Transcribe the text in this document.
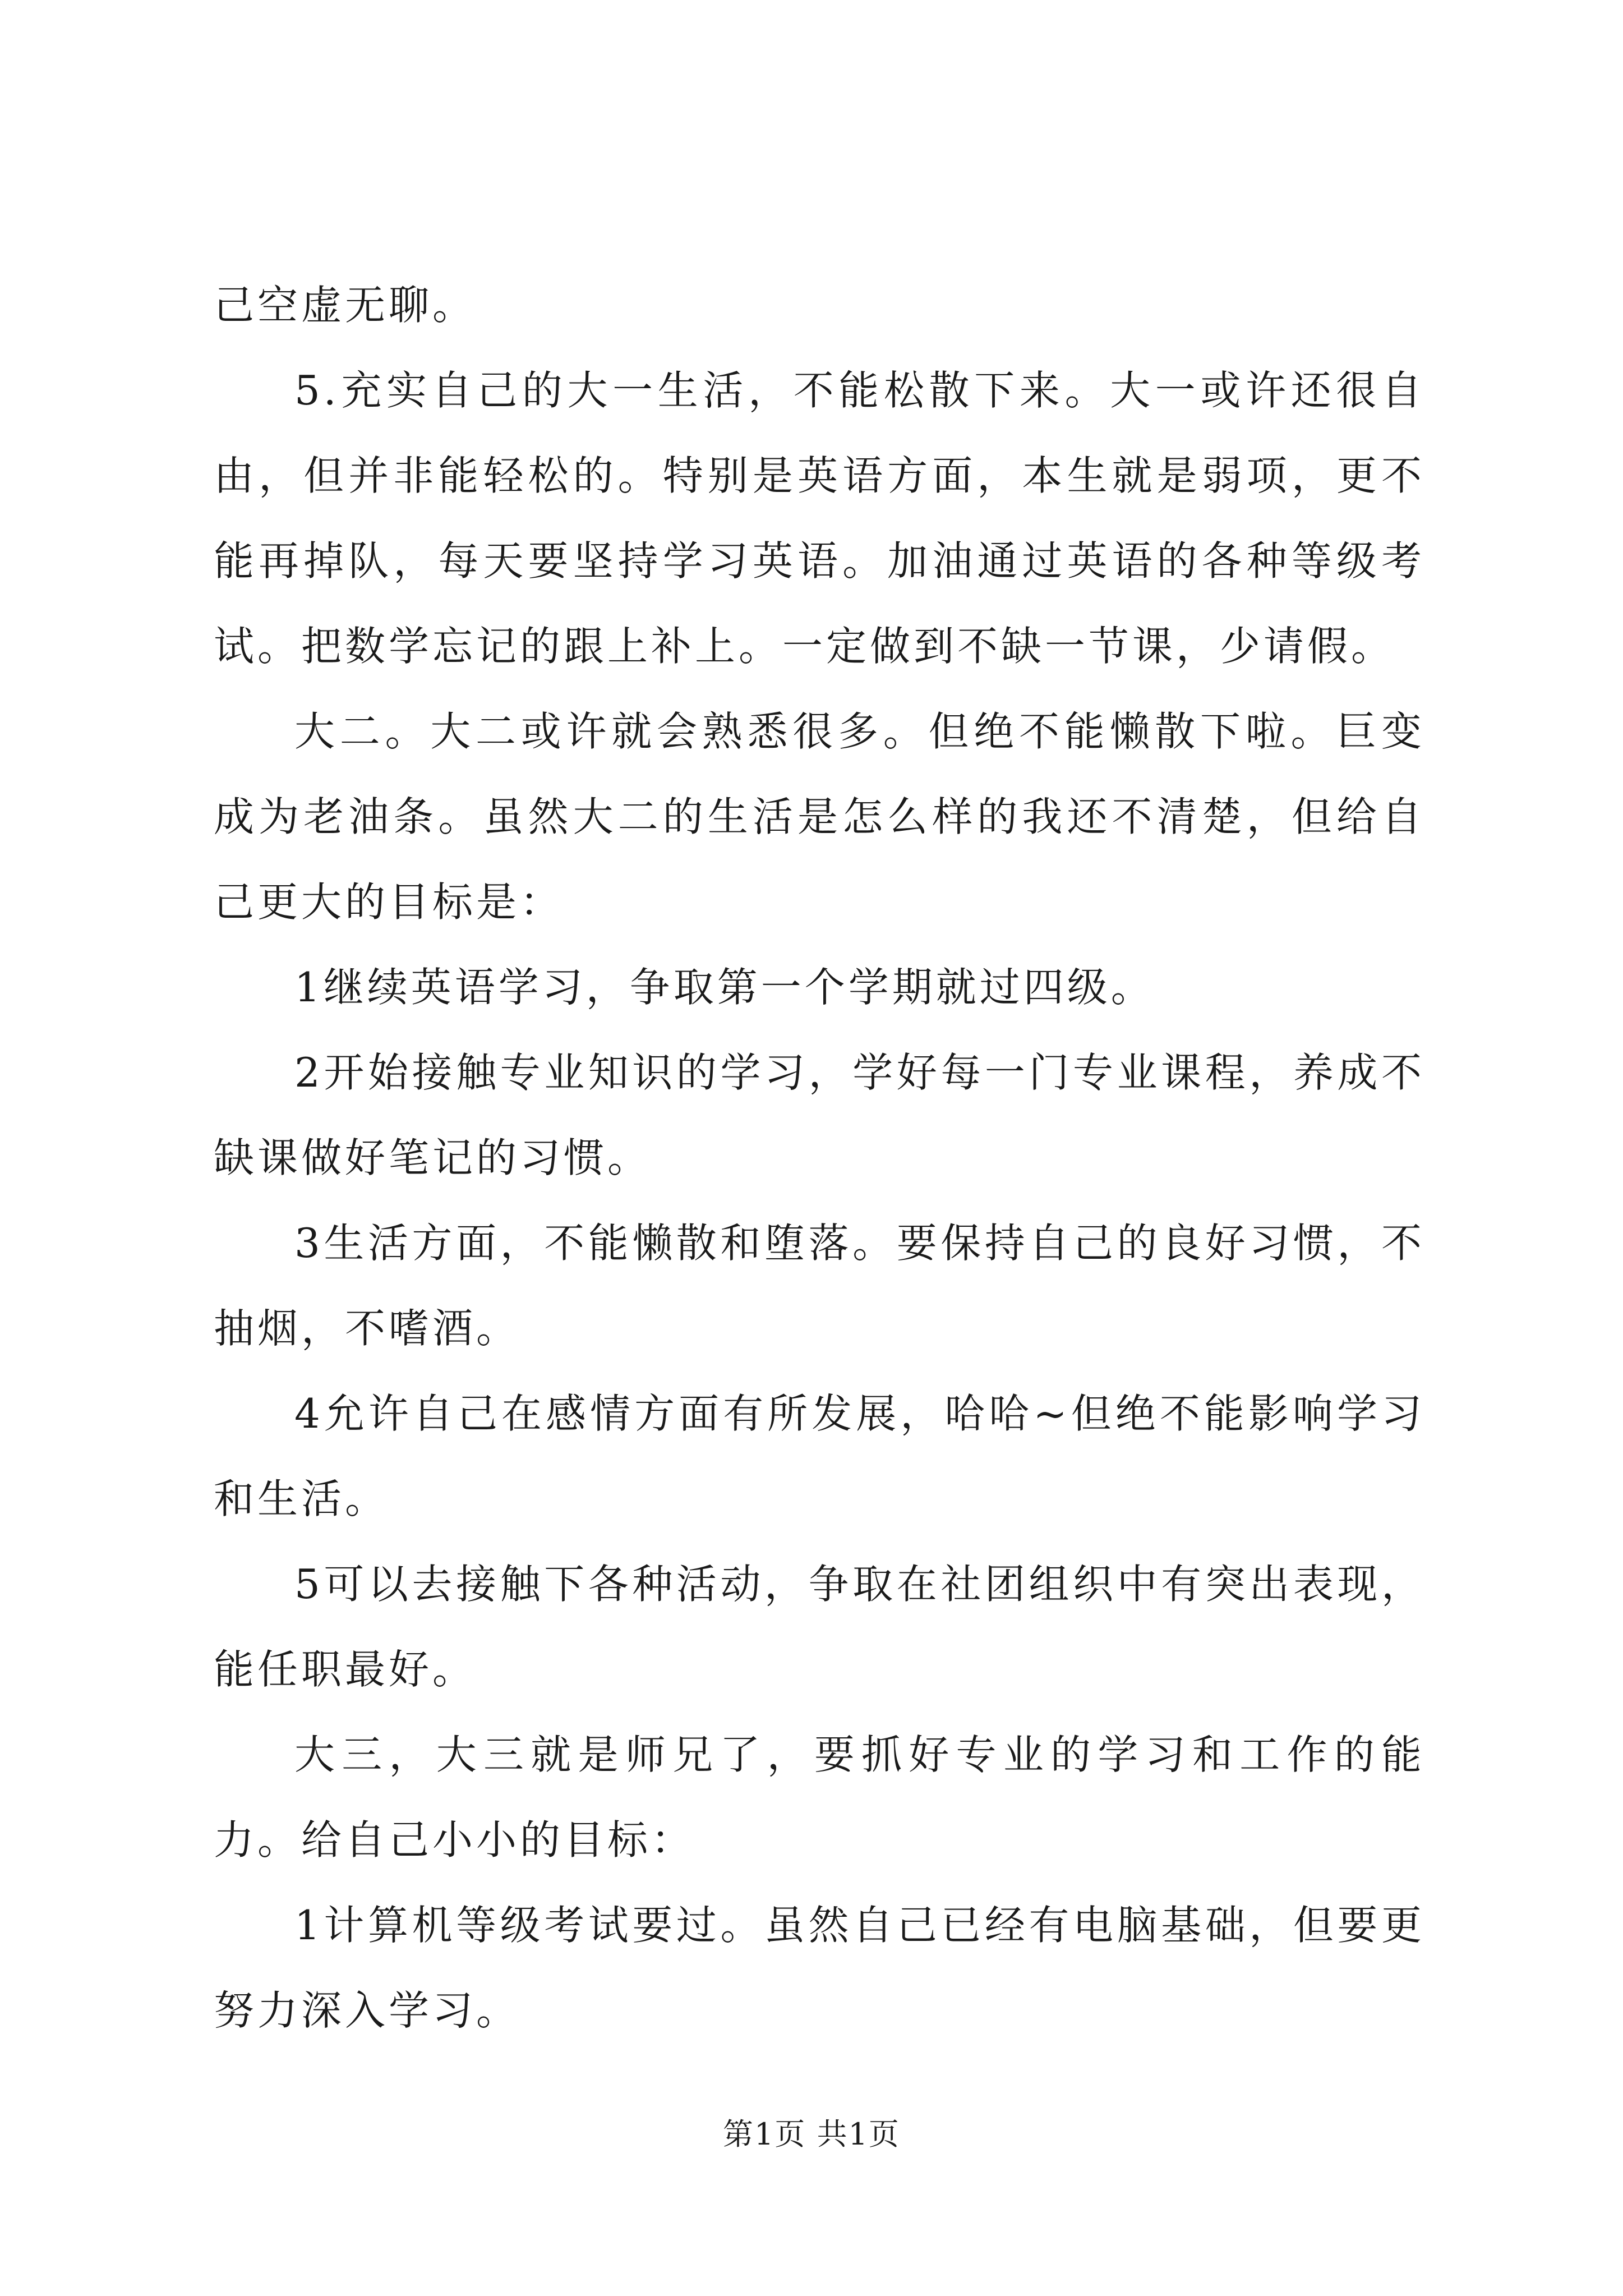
己空虚无聊。

5.充实自己的大一生活，不能松散下来。大一或许还很自由，但并非能轻松的。特别是英语方面，本生就是弱项，更不能再掉队，每天要坚持学习英语。加油通过英语的各种等级考试。把数学忘记的跟上补上。一定做到不缺一节课，少请假。

大二。大二或许就会熟悉很多。但绝不能懒散下啦。巨变成为老油条。虽然大二的生活是怎么样的我还不清楚，但给自己更大的目标是：

1继续英语学习，争取第一个学期就过四级。

2开始接触专业知识的学习，学好每一门专业课程，养成不缺课做好笔记的习惯。

3生活方面，不能懒散和堕落。要保持自己的良好习惯，不抽烟，不嗜酒。

4允许自己在感情方面有所发展，哈哈~但绝不能影响学习和生活。

5可以去接触下各种活动，争取在社团组织中有突出表现，能任职最好。

大三，大三就是师兄了，要抓好专业的学习和工作的能力。给自己小小的目标：

1计算机等级考试要过。虽然自己已经有电脑基础，但要更努力深入学习。

第1页 共1页
